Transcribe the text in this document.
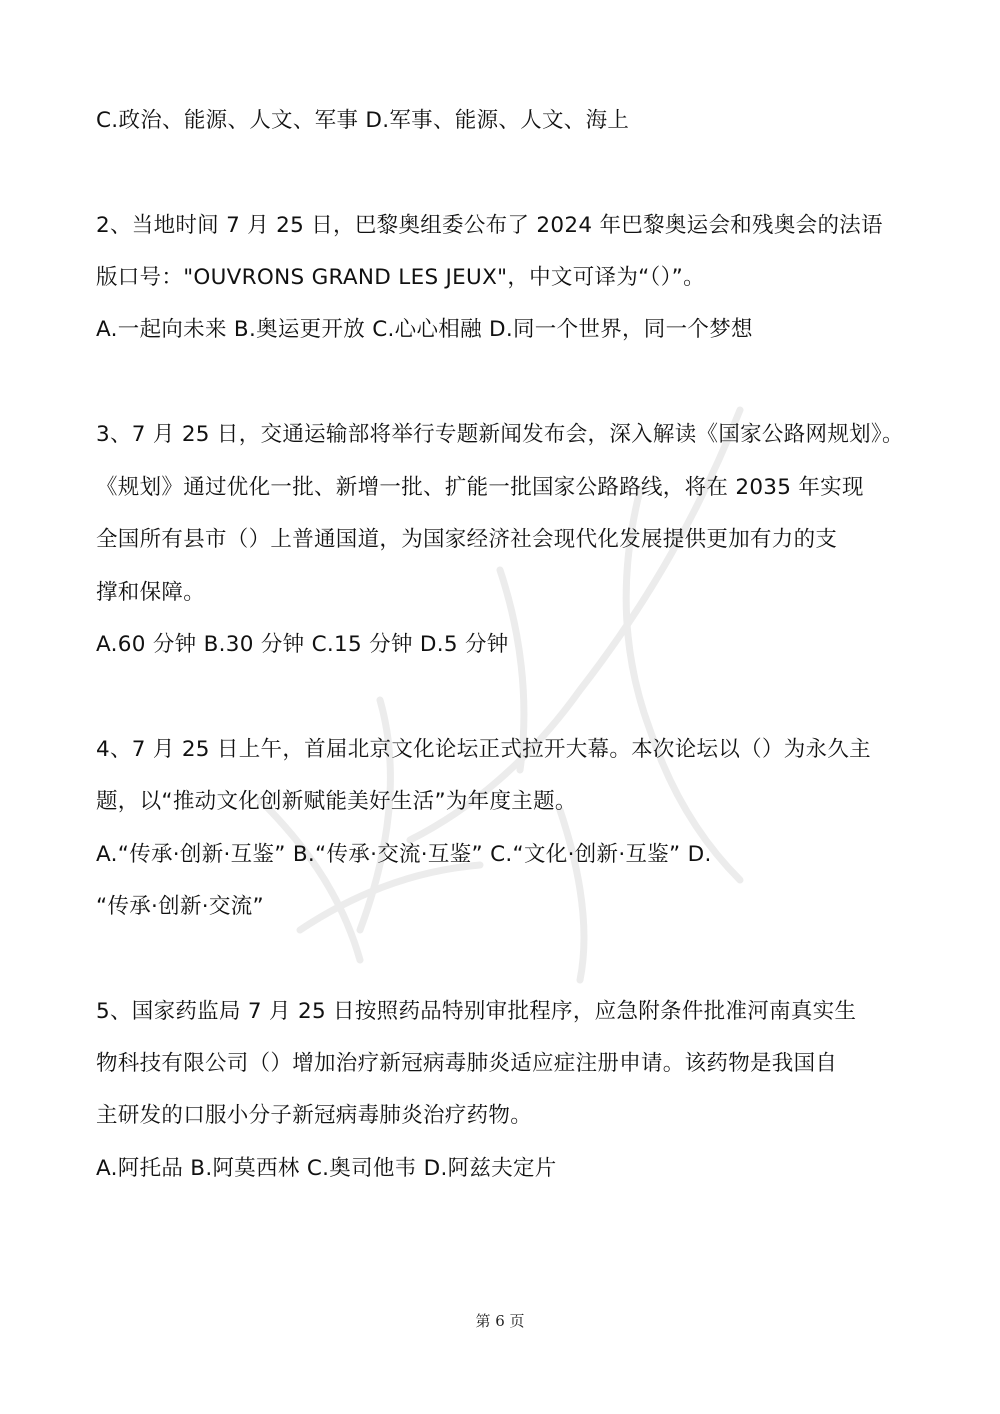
C.政治、能源、人文、军事 D.军事、能源、人文、海上
2、当地时间 7 月 25 日，巴黎奥组委公布了 2024 年巴黎奥运会和残奥会的法语
版口号："OUVRONS GRAND LES JEUX"，中文可译为“（）”。
A.一起向未来 B.奥运更开放 C.心心相融 D.同一个世界，同一个梦想
3、7 月 25 日，交通运输部将举行专题新闻发布会，深入解读《国家公路网规划》。
《规划》通过优化一批、新增一批、扩能一批国家公路路线，将在 2035 年实现
全国所有县市（）上普通国道，为国家经济社会现代化发展提供更加有力的支
撑和保障。
A.60 分钟 B.30 分钟 C.15 分钟 D.5 分钟
4、7 月 25 日上午，首届北京文化论坛正式拉开大幕。本次论坛以（）为永久主
题，以“推动文化创新赋能美好生活”为年度主题。
A.“传承·创新·互鉴” B.“传承·交流·互鉴” C.“文化·创新·互鉴” D.
“传承·创新·交流”
5、国家药监局 7 月 25 日按照药品特别审批程序，应急附条件批准河南真实生
物科技有限公司（）增加治疗新冠病毒肺炎适应症注册申请。该药物是我国自
主研发的口服小分子新冠病毒肺炎治疗药物。
A.阿托品 B.阿莫西林 C.奥司他韦 D.阿兹夫定片
第 6 页
